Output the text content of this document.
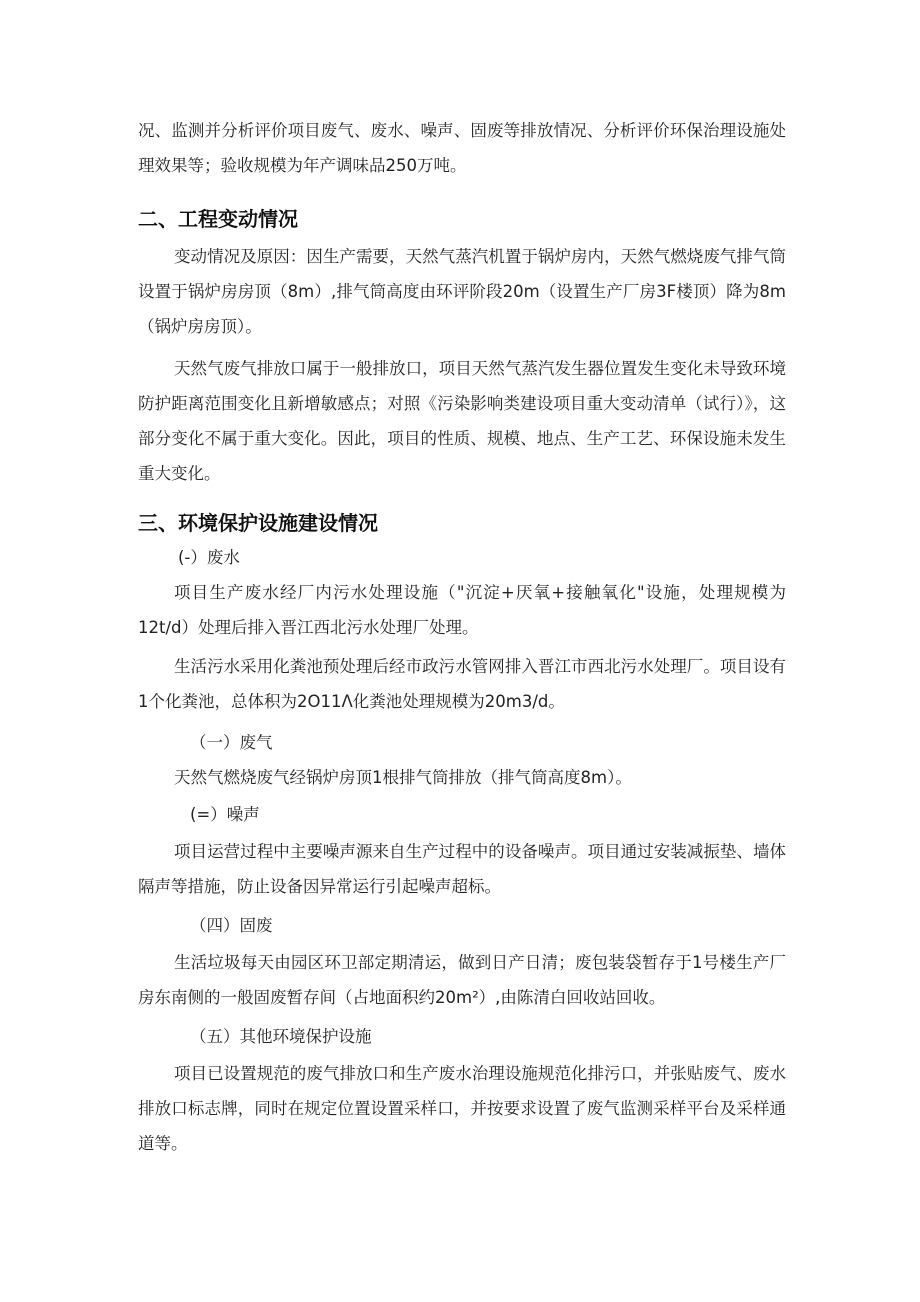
况、监测并分析评价项目废气、废水、噪声、固废等排放情况、分析评价环保治理设施处理效果等；验收规模为年产调味品250万吨。

二、工程变动情况

变动情况及原因：因生产需要，天然气蒸汽机置于锅炉房内，天然气燃烧废气排气筒设置于锅炉房房顶（8m）,排气筒高度由环评阶段20m（设置生产厂房3F楼顶）降为8m（锅炉房房顶）。

天然气废气排放口属于一般排放口，项目天然气蒸汽发生器位置发生变化未导致环境防护距离范围变化且新增敏感点；对照《污染影响类建设项目重大变动清单（试行）》，这部分变化不属于重大变化。因此，项目的性质、规模、地点、生产工艺、环保设施未发生重大变化。

三、环境保护设施建设情况

(-）废水

项目生产废水经厂内污水处理设施（"沉淀+厌氧+接触氧化"设施，处理规模为12t∕d）处理后排入晋江西北污水处理厂处理。

生活污水采用化粪池预处理后经市政污水管网排入晋江市西北污水处理厂。项目设有1个化粪池，总体积为2O11Λ化粪池处理规模为20m3/d。

（一）废气

天然气燃烧废气经锅炉房顶1根排气筒排放（排气筒高度8m）。

(=）噪声

项目运营过程中主要噪声源来自生产过程中的设备噪声。项目通过安装减振垫、墙体隔声等措施，防止设备因异常运行引起噪声超标。

（四）固废

生活垃圾每天由园区环卫部定期清运，做到日产日清；废包装袋暂存于1号楼生产厂房东南侧的一般固废暂存间（占地面积约20m²）,由陈清白回收站回收。

（五）其他环境保护设施

项目已设置规范的废气排放口和生产废水治理设施规范化排污口，并张贴废气、废水排放口标志牌，同时在规定位置设置采样口，并按要求设置了废气监测采样平台及采样通道等。
